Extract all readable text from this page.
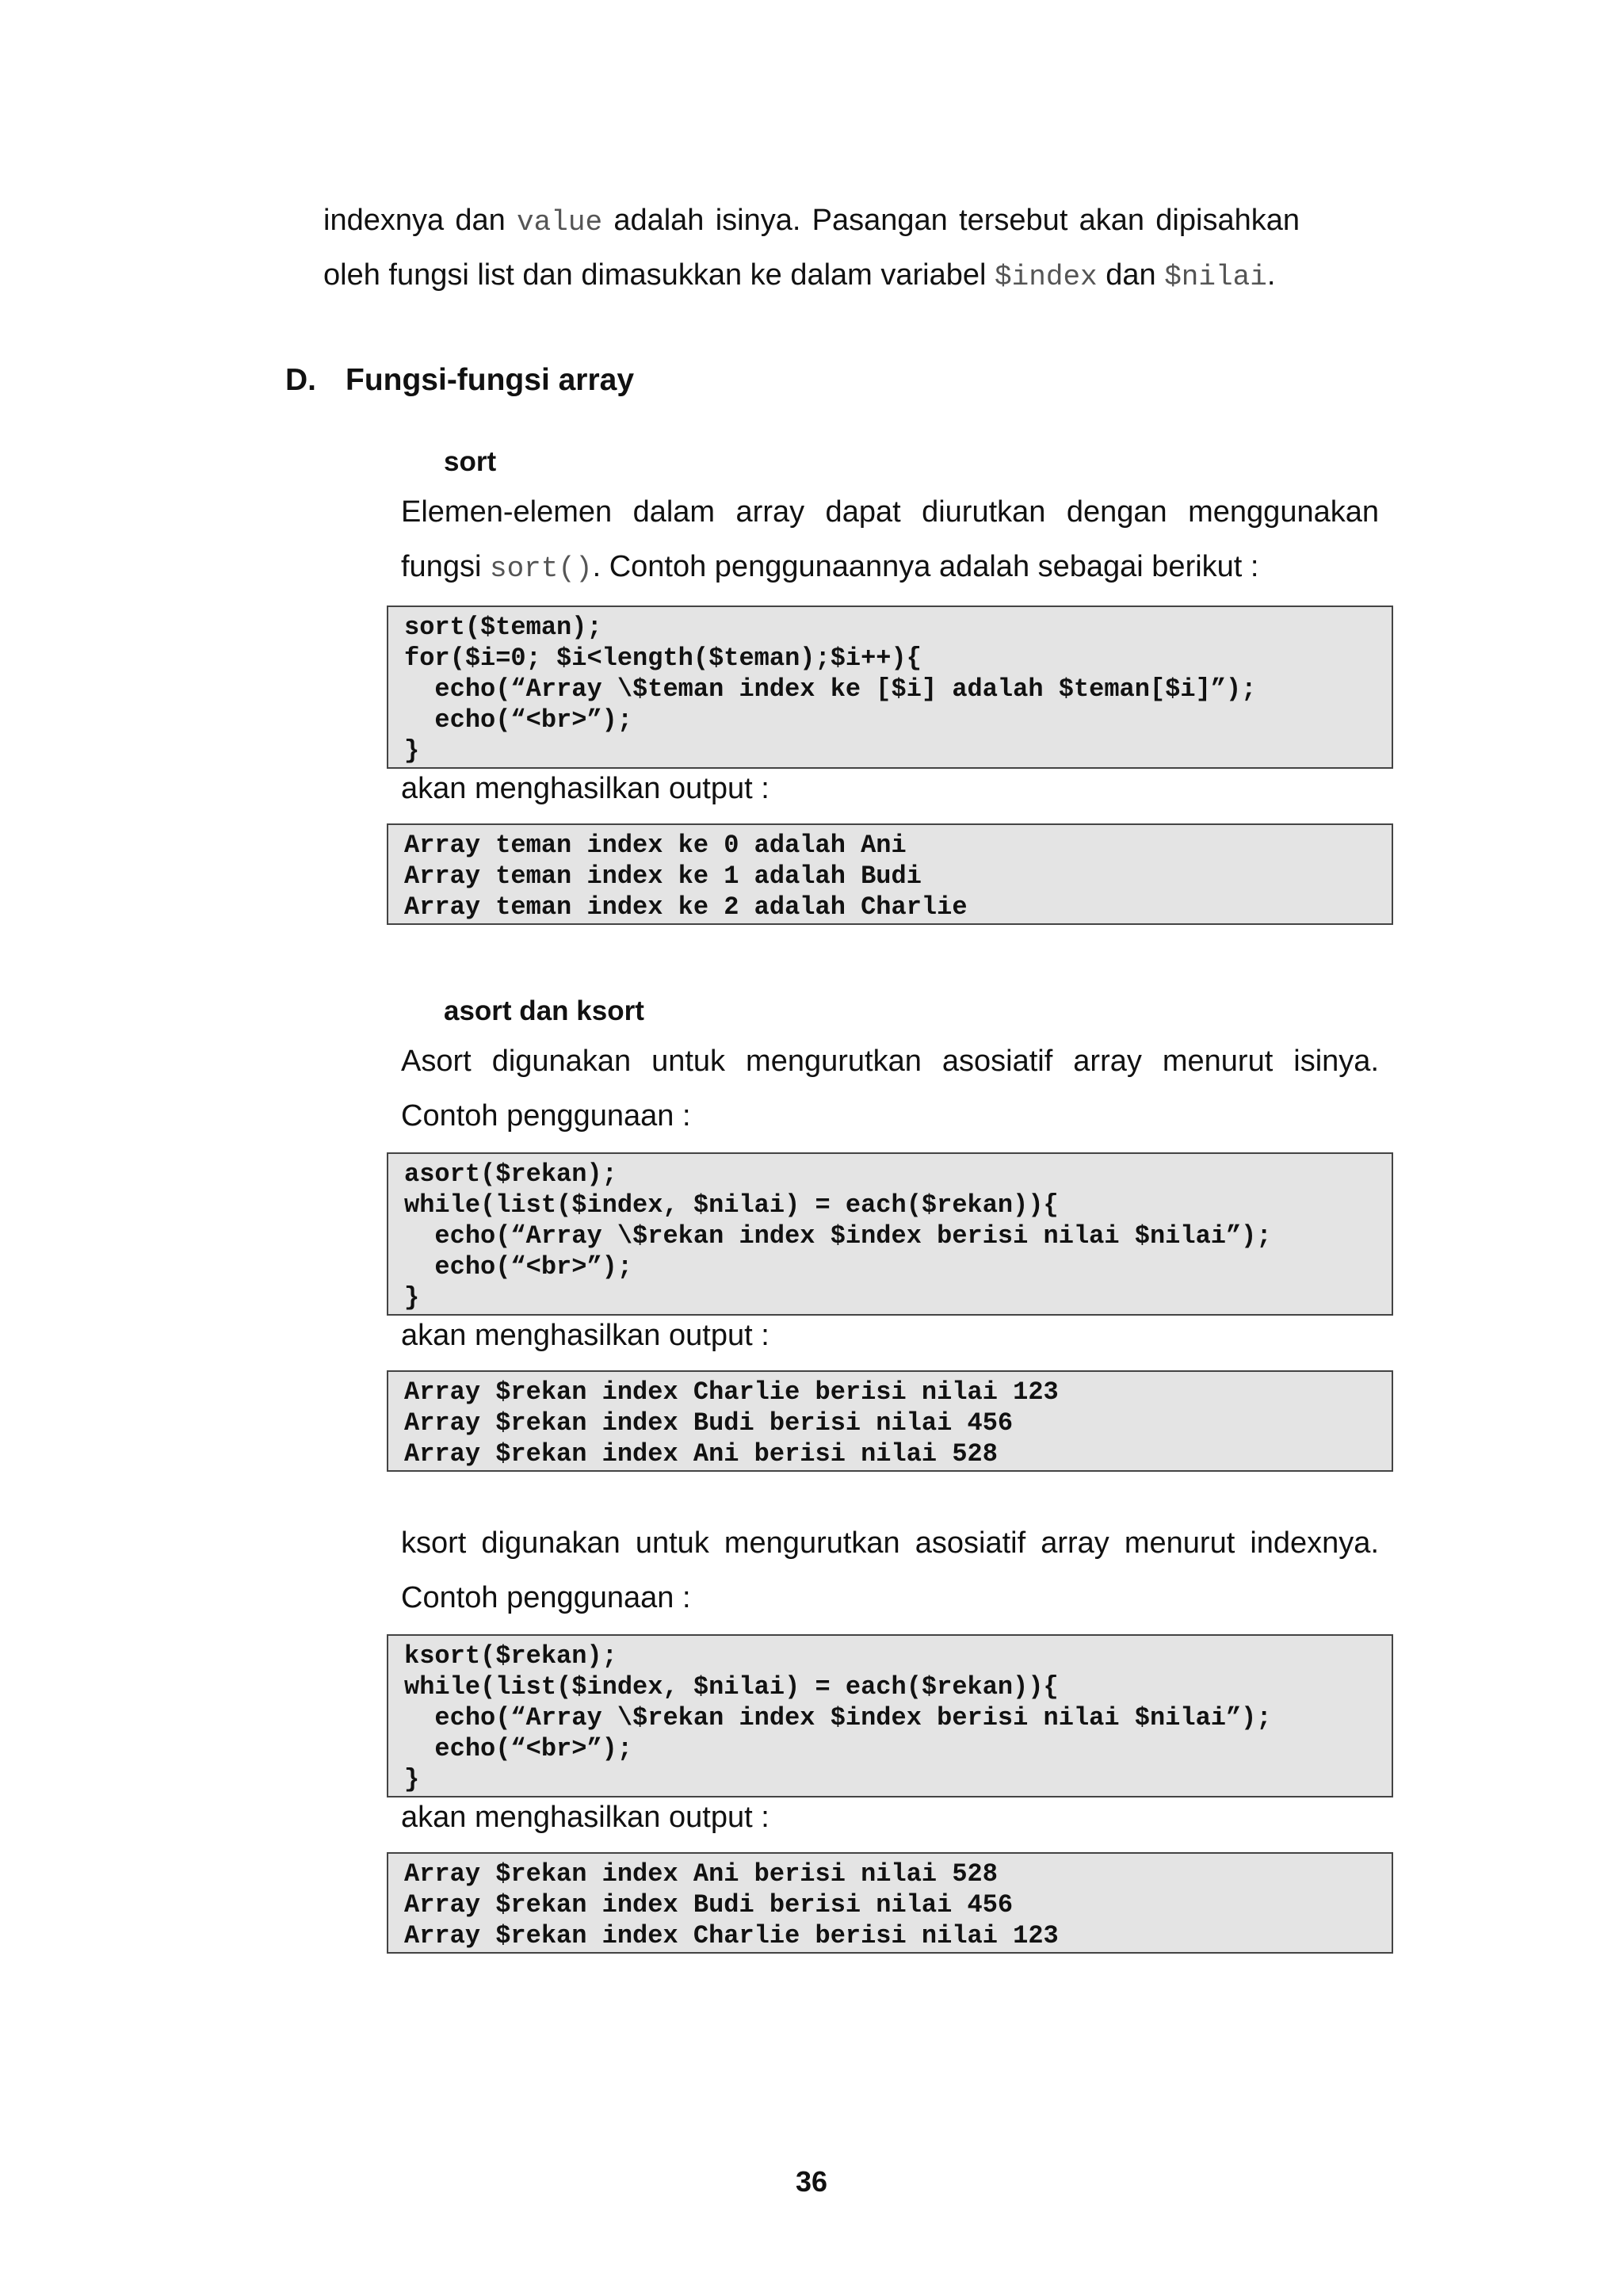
indexnya dan value adalah isinya. Pasangan tersebut akan dipisahkan
oleh fungsi list dan dimasukkan ke dalam variabel $index dan $nilai.
D. Fungsi-fungsi array
sort
Elemen-elemen dalam array dapat diurutkan dengan menggunakan
fungsi sort(). Contoh penggunaannya adalah sebagai berikut :
sort($teman);
for($i=0; $i<length($teman);$i++){
echo(“Array \$teman index ke [$i] adalah $teman[$i]”);
echo(“<br>”);
}
akan menghasilkan output :
Array teman index ke 0 adalah Ani
Array teman index ke 1 adalah Budi
Array teman index ke 2 adalah Charlie
asort dan ksort
Asort digunakan untuk mengurutkan asosiatif array menurut isinya.
Contoh penggunaan :
asort($rekan);
while(list($index, $nilai) = each($rekan)){
echo(“Array \$rekan index $index berisi nilai $nilai”);
echo(“<br>”);
}
akan menghasilkan output :
Array $rekan index Charlie berisi nilai 123
Array $rekan index Budi berisi nilai 456
Array $rekan index Ani berisi nilai 528
ksort digunakan untuk mengurutkan asosiatif array menurut indexnya.
Contoh penggunaan :
ksort($rekan);
while(list($index, $nilai) = each($rekan)){
echo(“Array \$rekan index $index berisi nilai $nilai”);
echo(“<br>”);
}
akan menghasilkan output :
Array $rekan index Ani berisi nilai 528
Array $rekan index Budi berisi nilai 456
Array $rekan index Charlie berisi nilai 123
36
